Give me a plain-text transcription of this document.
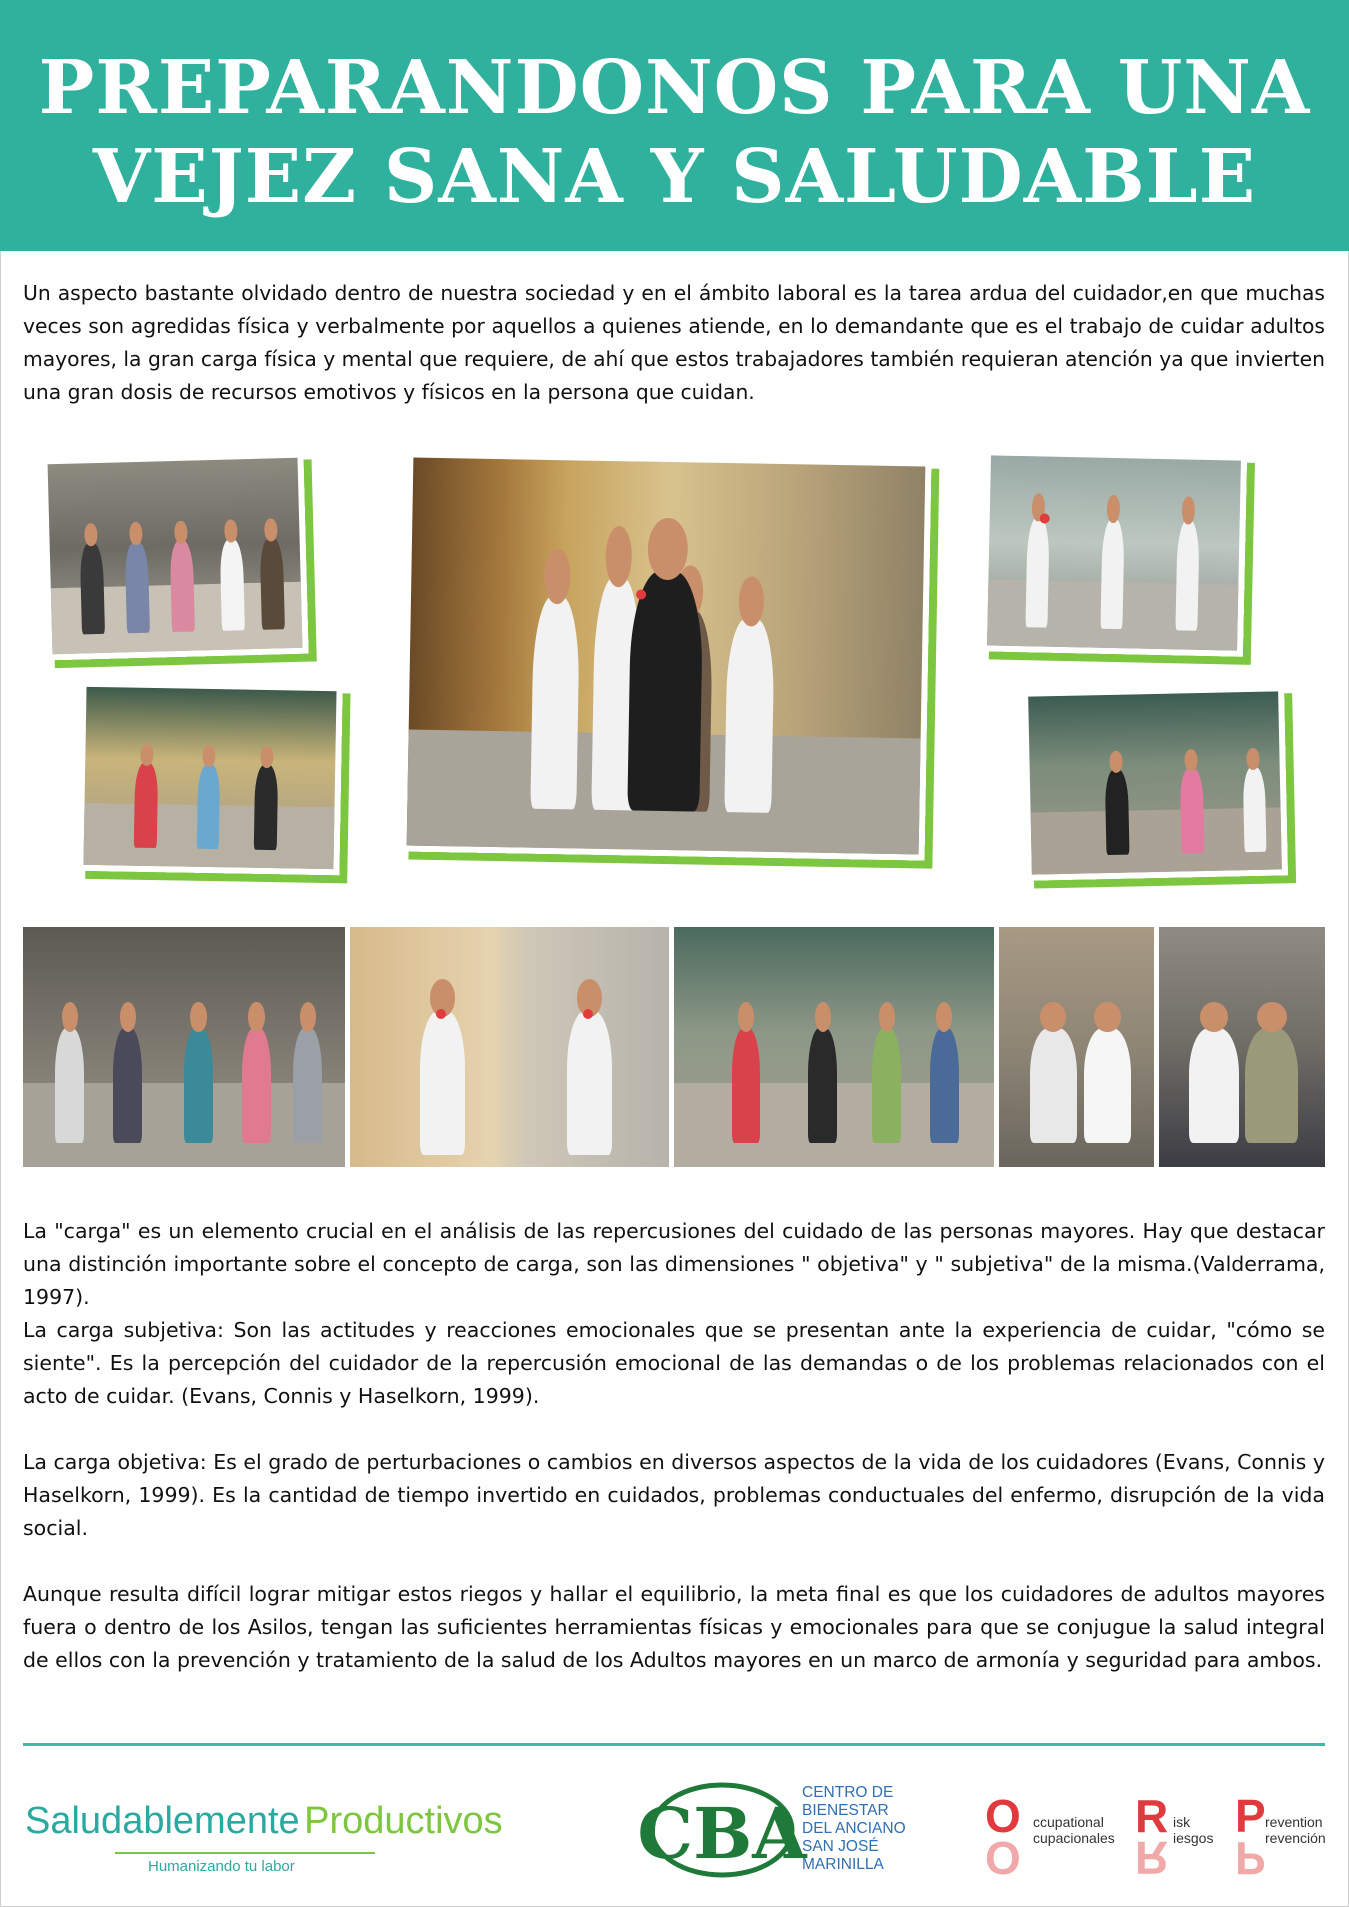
PREPARANDONOS PARA UNA
VEJEZ SANA Y SALUDABLE

Un aspecto bastante olvidado dentro de nuestra sociedad y en el ámbito laboral es la tarea ardua del cuidador,en que muchas veces son agredidas física y verbalmente por aquellos a quienes atiende, en lo demandante que es el trabajo de cuidar adultos mayores, la gran carga física y mental que requiere, de ahí que estos trabajadores también requieran atención ya que invierten una gran dosis de recursos emotivos y físicos en la persona que cuidan.

La "carga" es un elemento crucial en el análisis de las repercusiones del cuidado de las personas mayores. Hay que destacar una distinción importante sobre el concepto de carga, son las dimensiones " objetiva" y " subjetiva" de la misma.(Valderrama, 1997).

La carga subjetiva: Son las actitudes y reacciones emocionales que se presentan ante la experiencia de cuidar, "cómo se siente". Es la percepción del cuidador de la repercusión emocional de las demandas o de los problemas relacionados con el acto de cuidar. (Evans, Connis y Haselkorn, 1999).

La carga objetiva: Es el grado de perturbaciones o cambios en diversos aspectos de la vida de los cuidadores (Evans, Connis y Haselkorn, 1999). Es la cantidad de tiempo invertido en cuidados, problemas conductuales del enfermo, disrupción de la vida social.

Aunque resulta difícil lograr mitigar estos riegos y hallar el equilibrio, la meta final es que los cuidadores de adultos mayores fuera o dentro de los Asilos, tengan las suficientes herramientas físicas y emocionales para que se conjugue la salud integral de ellos con la prevención y tratamiento de la salud de los Adultos mayores en un marco de armonía y seguridad para ambos.

Saludablemente Productivos
Humanizando tu labor	CBA
CENTRO DE
BIENESTAR
DEL ANCIANO
SAN JOSÉ
MARINILLA
O
O
ccupational
cupacionales R
R
isk
iesgos P
P
revention
revención
